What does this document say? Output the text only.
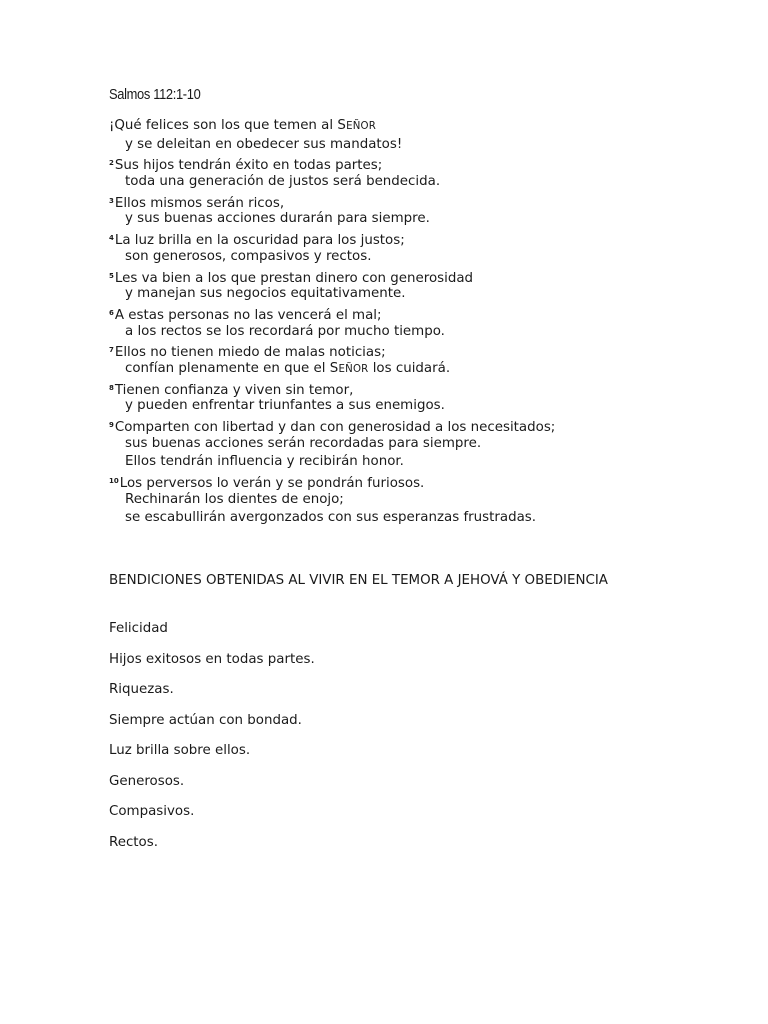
Salmos 112:1-10
¡Qué felices son los que temen al SEÑOR
y se deleitan en obedecer sus mandatos!
$^2$Sus hijos tendrán éxito en todas partes;
toda una generación de justos será bendecida.
$^3$Ellos mismos serán ricos,
y sus buenas acciones durarán para siempre.
$^4$La luz brilla en la oscuridad para los justos;
son generosos, compasivos y rectos.
$^5$Les va bien a los que prestan dinero con generosidad
y manejan sus negocios equitativamente.
$^6$A estas personas no las vencerá el mal;
a los rectos se los recordará por mucho tiempo.
$^7$Ellos no tienen miedo de malas noticias;
confían plenamente en que el SEÑOR los cuidará.
$^8$Tienen confianza y viven sin temor,
y pueden enfrentar triunfantes a sus enemigos.
$^9$Comparten con libertad y dan con generosidad a los necesitados;
sus buenas acciones serán recordadas para siempre.
Ellos tendrán influencia y recibirán honor.
$^{10}$Los perversos lo verán y se pondrán furiosos.
Rechinarán los dientes de enojo;
se escabullirán avergonzados con sus esperanzas frustradas.
BENDICIONES OBTENIDAS AL VIVIR EN EL TEMOR A JEHOVÁ Y OBEDIENCIA
Felicidad
Hijos exitosos en todas partes.
Riquezas.
Siempre actúan con bondad.
Luz brilla sobre ellos.
Generosos.
Compasivos.
Rectos.
